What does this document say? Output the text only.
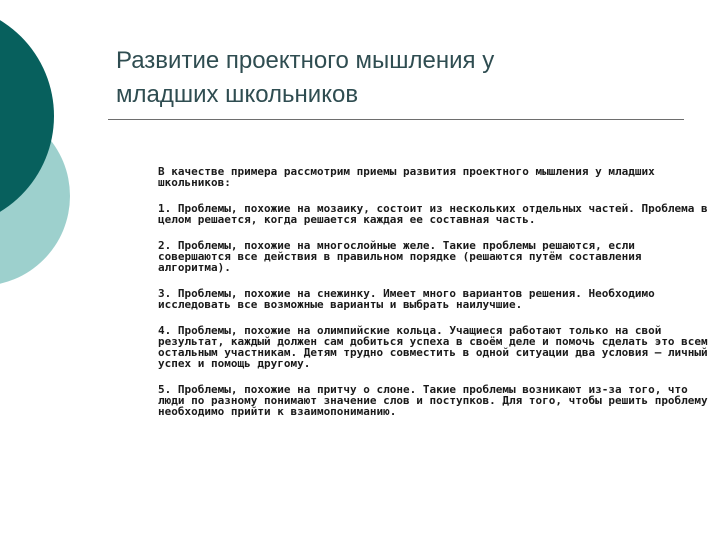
Развитие проектного мышления у
младших школьников

В качестве примера рассмотрим приемы развития проектного мышления у младших школьников:

1. Проблемы, похожие на мозаику, состоит из нескольких отдельных частей. Проблема в целом решается, когда решается каждая ее составная часть.

2. Проблемы, похожие на многослойные желе. Такие проблемы решаются, если совершаются все действия в правильном порядке (решаются путём составления алгоритма).

3. Проблемы, похожие на снежинку. Имеет много вариантов решения. Необходимо исследовать все возможные варианты и выбрать наилучшие.

4. Проблемы, похожие на олимпийские кольца. Учащиеся работают только на свой результат, каждый должен сам добиться успеха в своём деле и помочь сделать это всем остальным участникам. Детям трудно совместить в одной ситуации два условия – личный успех и помощь другому.

5. Проблемы, похожие на притчу о слоне. Такие проблемы возникают из-за того, что люди по разному понимают значение слов и поступков. Для того, чтобы решить проблему необходимо прийти к взаимопониманию.
